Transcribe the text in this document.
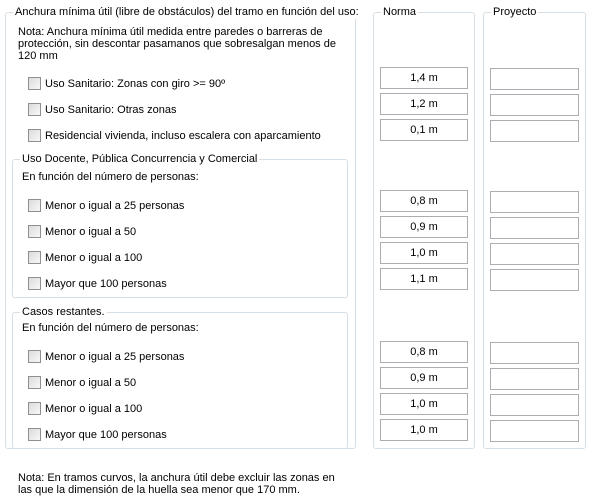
Anchura mínima útil (libre de obstáculos) del tramo en función del uso: Norma	Proyecto
Nota: Anchura mínima útil medida entre paredes o barreras de protección, sin descontar pasamanos que sobresalgan menos de 120 mm
Uso Sanitario: Zonas con giro >= 90º
Uso Sanitario: Otras zonas
Residencial vivienda, incluso escalera con aparcamiento
Uso Docente, Pública Concurrencia y Comercial
En función del número de personas:
Menor o igual a 25 personas
Menor o igual a 50
Menor o igual a 100
Mayor que 100 personas
Casos restantes.
En función del número de personas:
Menor o igual a 25 personas
Menor o igual a 50
Menor o igual a 100
Mayor que 100 personas
1,4 m
1,2 m
0,1 m
0,8 m
0,9 m
1,0 m
1,1 m
0,8 m
0,9 m
1,0 m
1,0 m
Nota: En tramos curvos, la anchura útil debe excluir las zonas en las que la dimensión de la huella sea menor que 170 mm.
